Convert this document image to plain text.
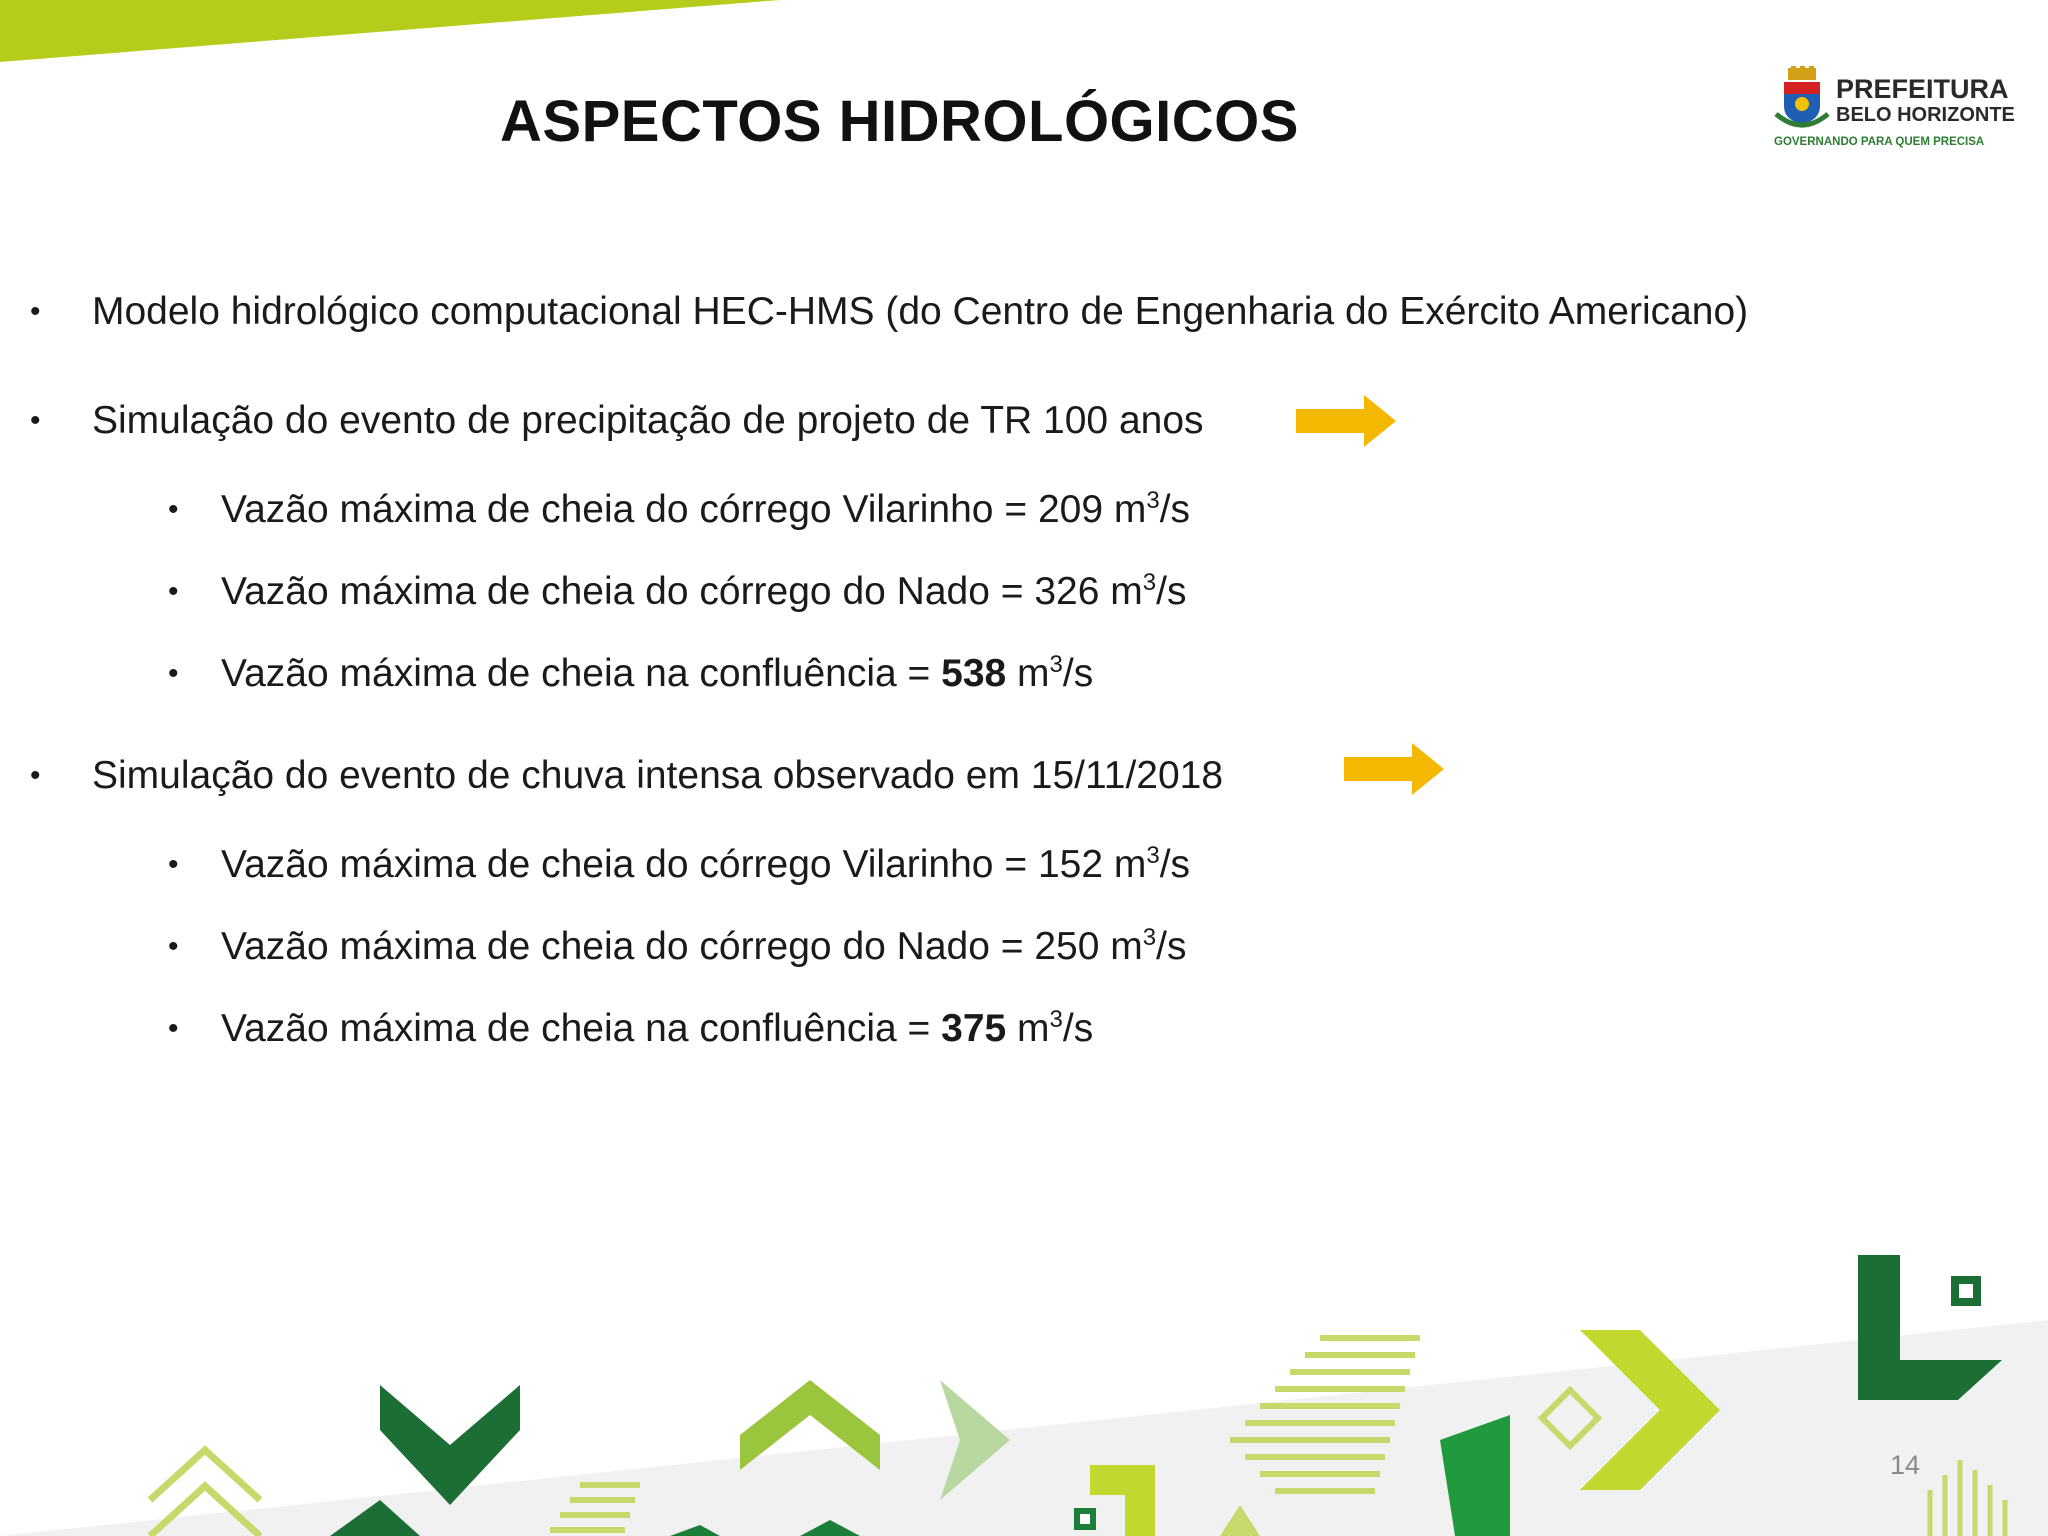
ASPECTOS HIDROLÓGICOS	PREFEITURA
BELO HORIZONTE
GOVERNANDO PARA QUEM PRECISA
• Modelo hidrológico computacional HEC-HMS (do Centro de Engenharia do Exército Americano)
• Simulação do evento de precipitação de projeto de TR 100 anos
• Vazão máxima de cheia do córrego Vilarinho = 209 $m^3/s$
• Vazão máxima de cheia do córrego do Nado = 326 $m^3/s$
• Vazão máxima de cheia na confluência = 538 $m^3/s$
• Simulação do evento de chuva intensa observado em 15/11/2018
• Vazão máxima de cheia do córrego Vilarinho = 152 $m^3/s$
• Vazão máxima de cheia do córrego do Nado = 250 $m^3/s$
• Vazão máxima de cheia na confluência = 375 $m^3/s$
14
